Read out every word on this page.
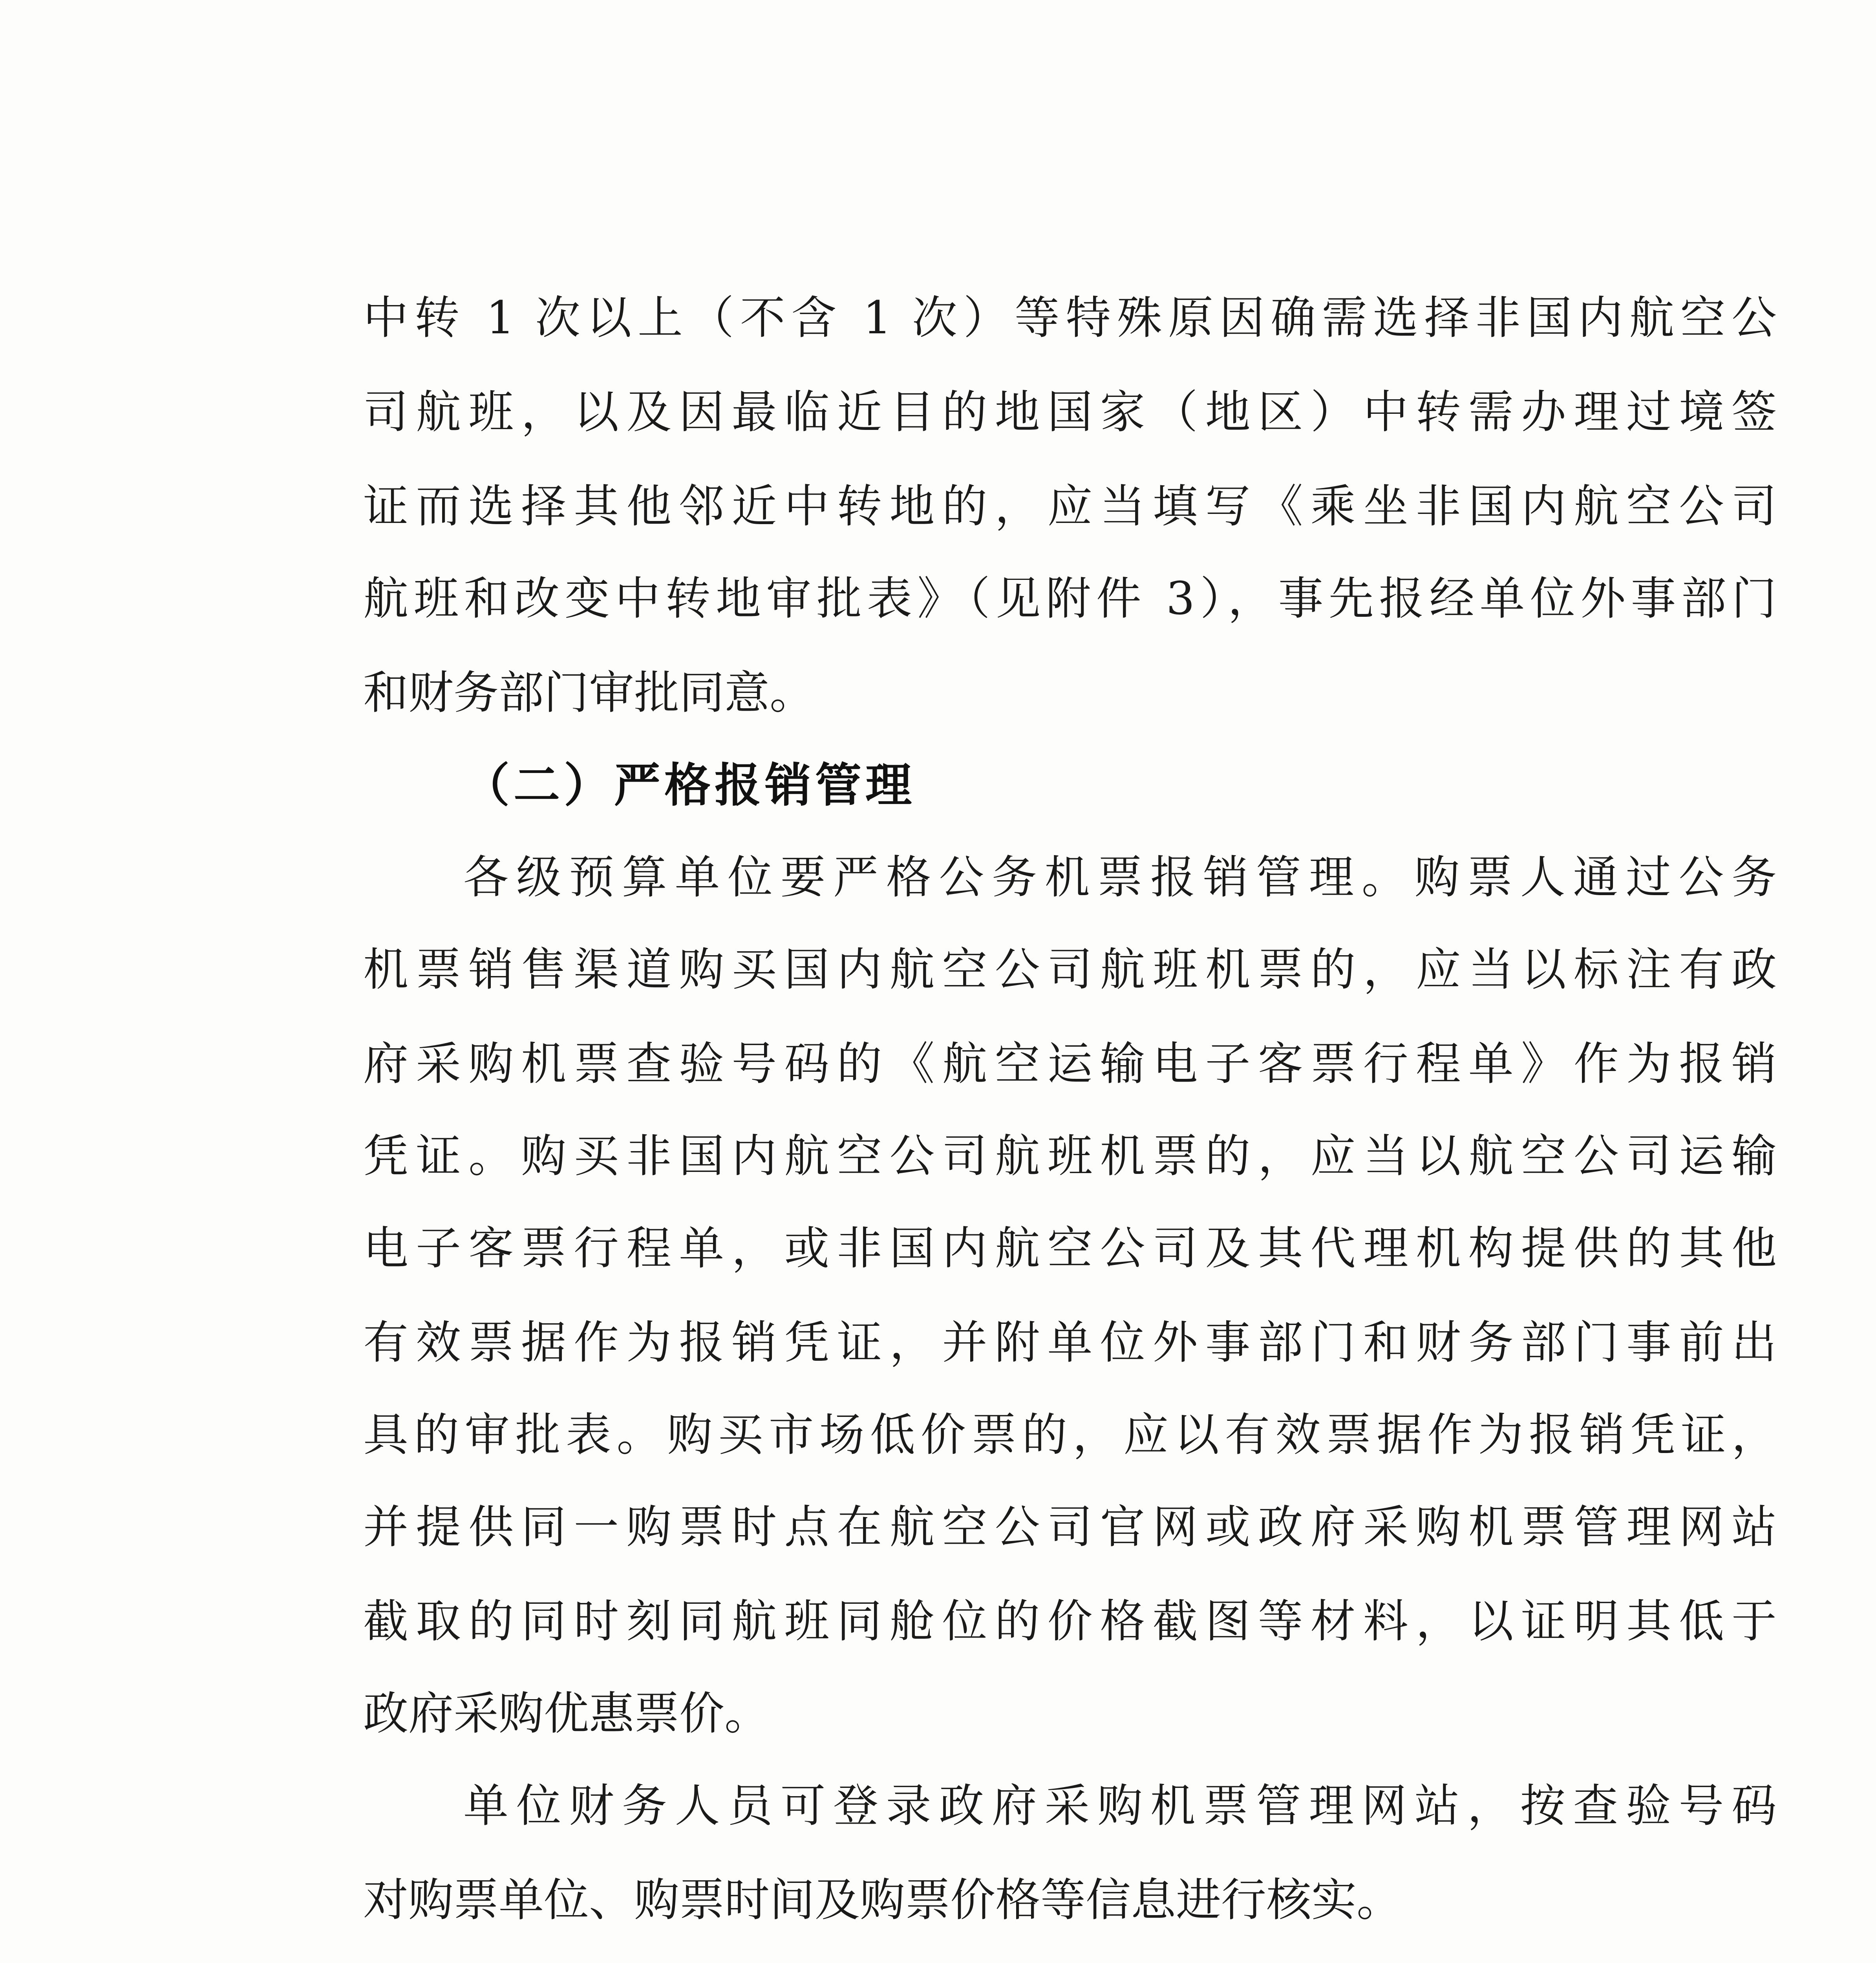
中转 1 次以上（不含 1 次）等特殊原因确需选择非国内航空公
司航班，以及因最临近目的地国家（地区）中转需办理过境签
证而选择其他邻近中转地的，应当填写《乘坐非国内航空公司
航班和改变中转地审批表》（见附件 3），事先报经单位外事部门
和财务部门审批同意。
（二）严格报销管理
各级预算单位要严格公务机票报销管理。购票人通过公务
机票销售渠道购买国内航空公司航班机票的，应当以标注有政
府采购机票查验号码的《航空运输电子客票行程单》作为报销
凭证。购买非国内航空公司航班机票的，应当以航空公司运输
电子客票行程单，或非国内航空公司及其代理机构提供的其他
有效票据作为报销凭证，并附单位外事部门和财务部门事前出
具的审批表。购买市场低价票的，应以有效票据作为报销凭证，
并提供同一购票时点在航空公司官网或政府采购机票管理网站
截取的同时刻同航班同舱位的价格截图等材料，以证明其低于
政府采购优惠票价。
单位财务人员可登录政府采购机票管理网站，按查验号码
对购票单位、购票时间及购票价格等信息进行核实。
